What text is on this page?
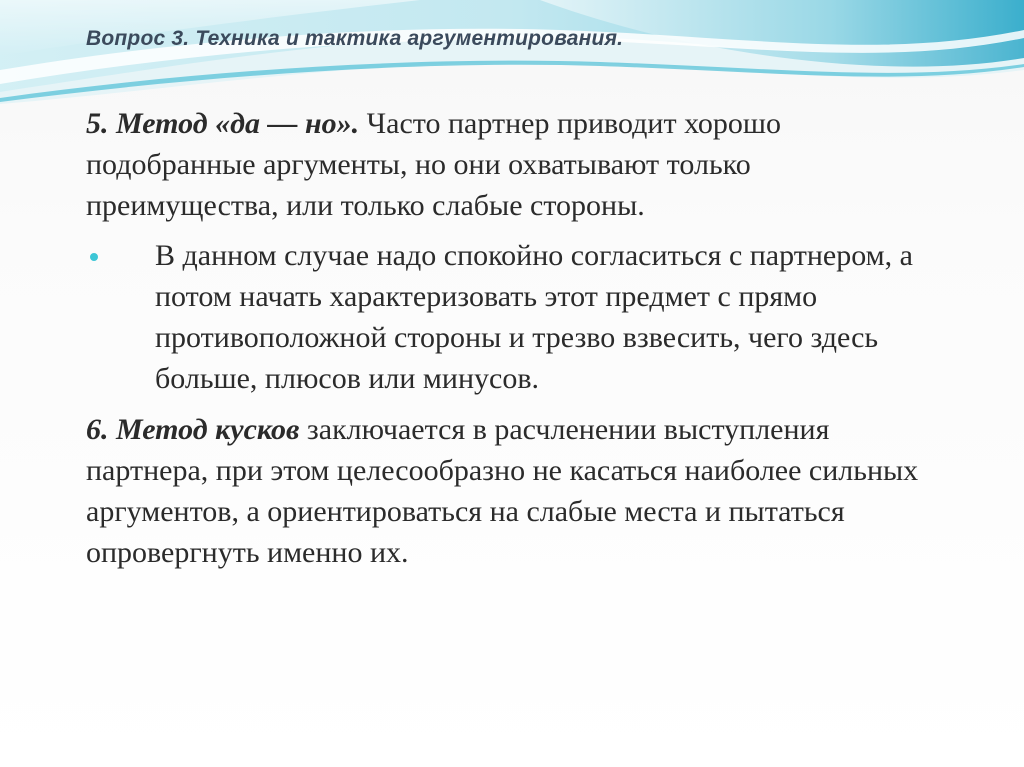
Вопрос 3. Техника и тактика аргументирования.

5. Метод «да — но». Часто партнер приводит хорошо подобранные аргументы, но они охватывают только преимущества, или только слабые стороны.

В данном случае надо спокойно согласиться с партнером, а потом начать характеризовать этот предмет с прямо противоположной стороны и трезво взвесить, чего здесь больше, плюсов или минусов.

6. Метод кусков заключается в расчленении выступления партнера, при этом целесообразно не касаться наиболее сильных аргументов, а ориентироваться на слабые места и пытаться опровергнуть именно их.
